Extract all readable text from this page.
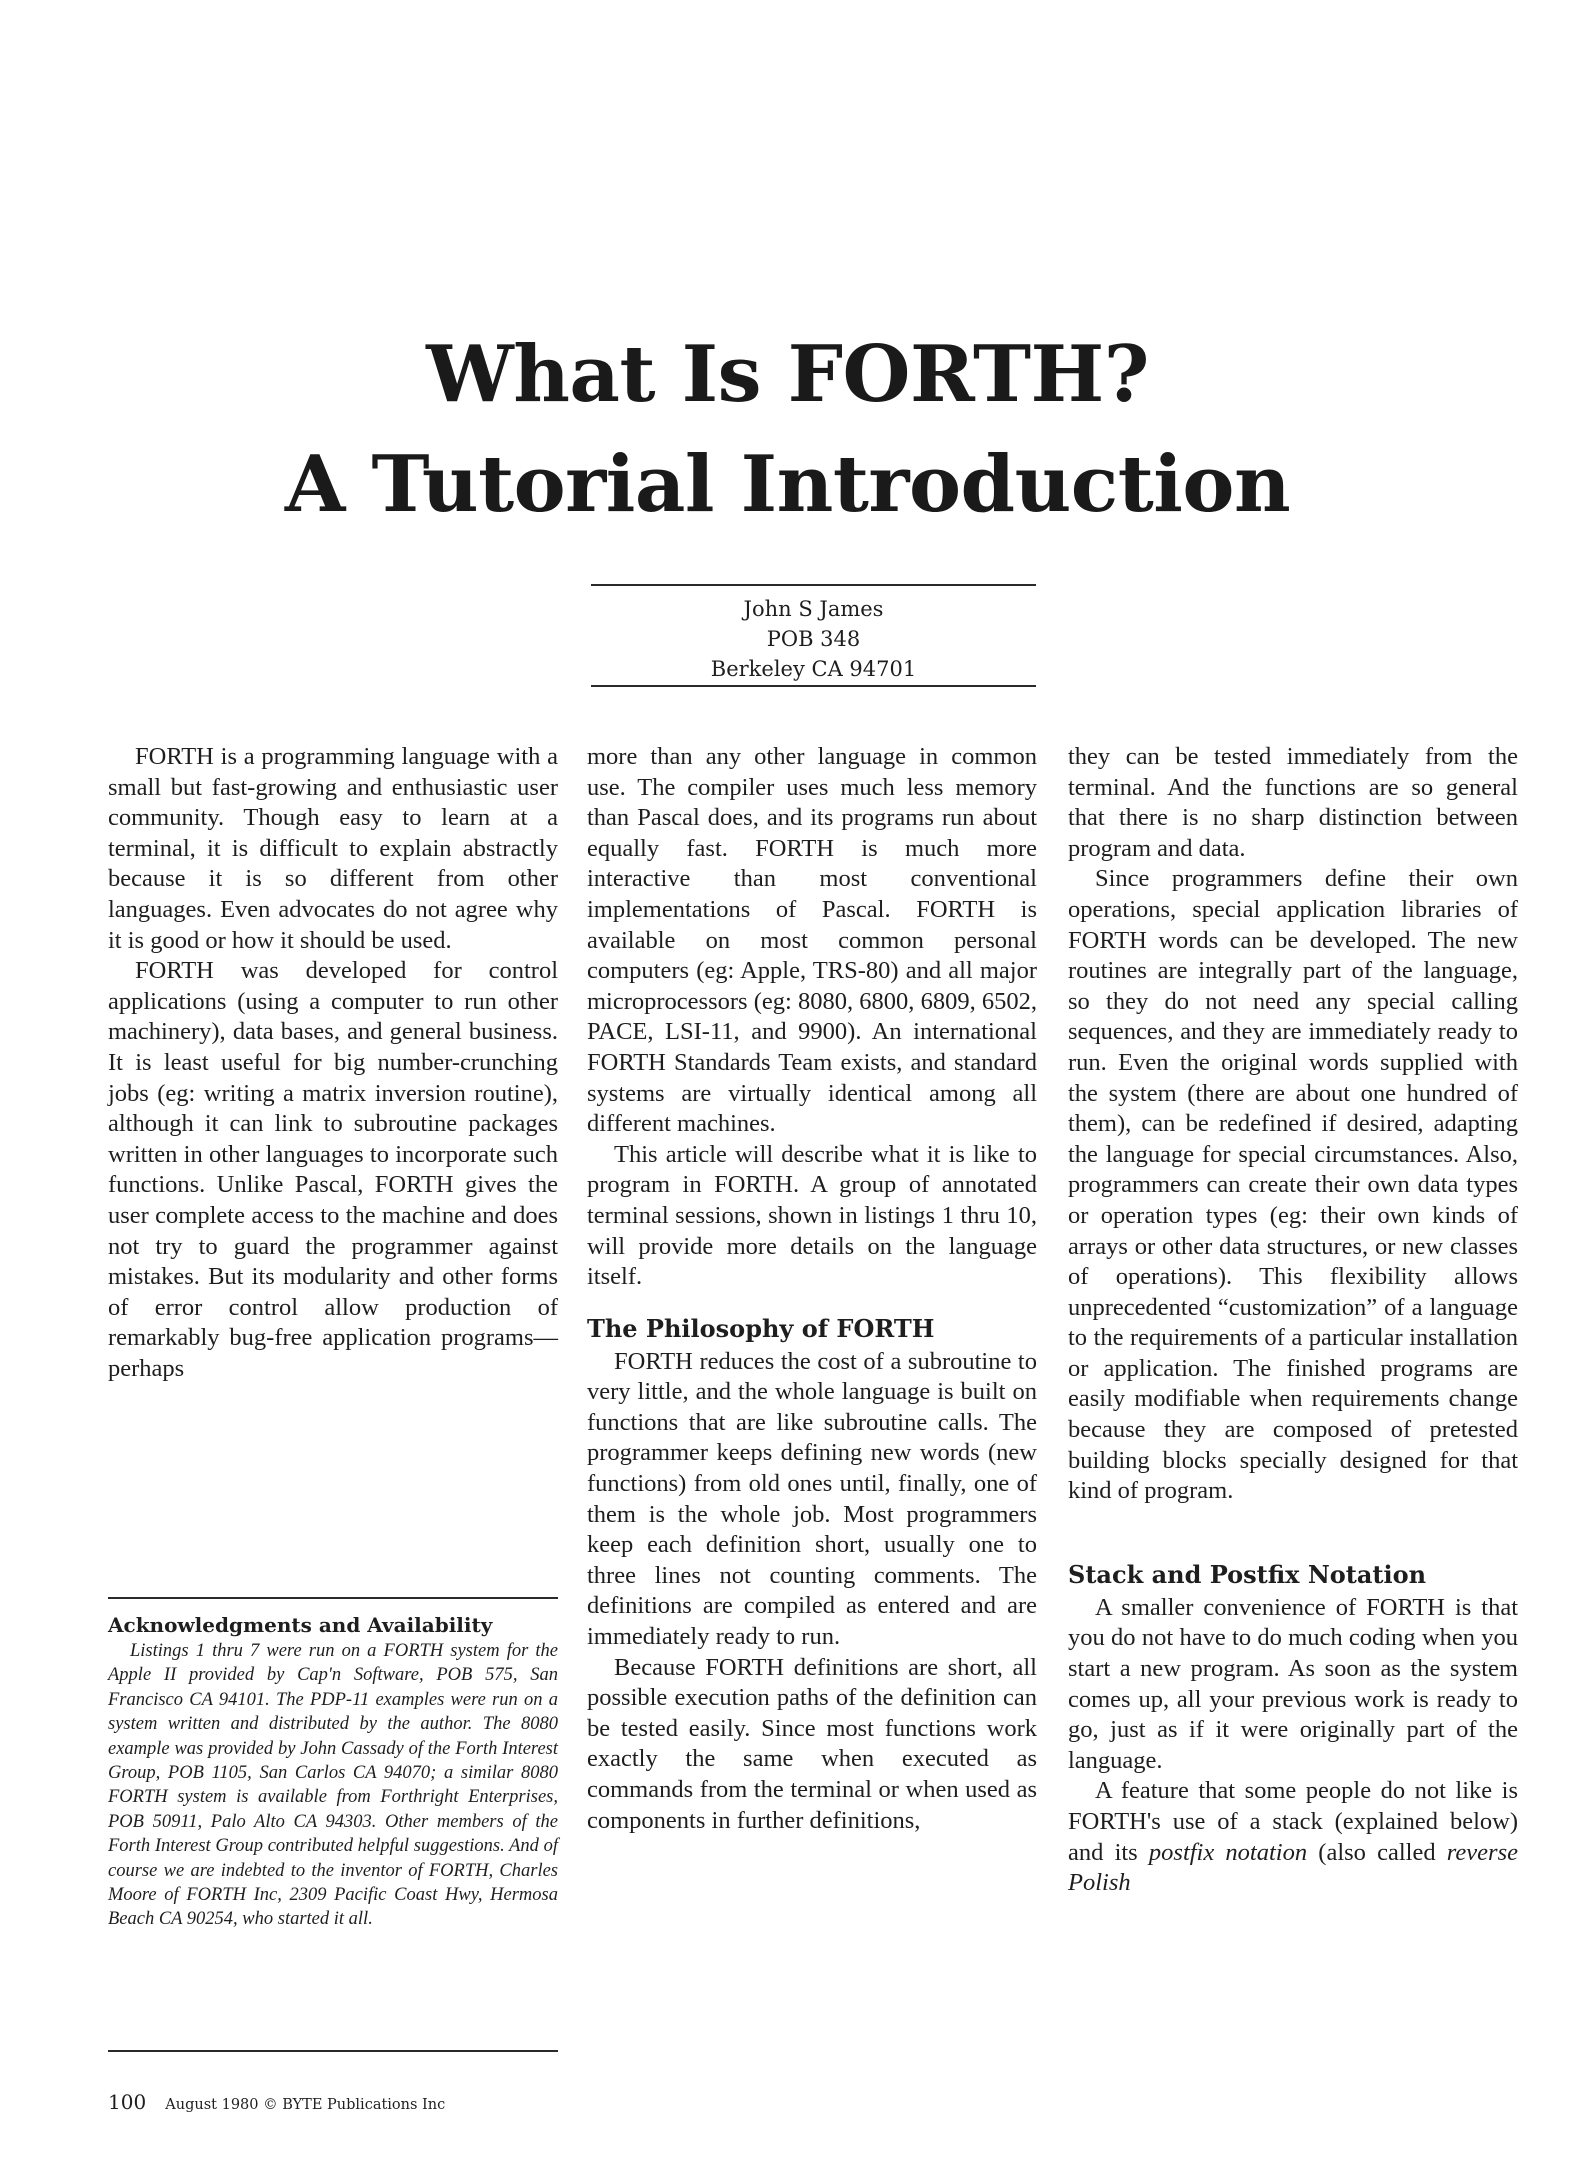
What Is FORTH?
A Tutorial Introduction
John S James
POB 348
Berkeley CA 94701

FORTH is a programming language with a small but fast-growing and enthusiastic user community. Though easy to learn at a terminal, it is difficult to explain abstractly because it is so different from other languages. Even advocates do not agree why it is good or how it should be used.

FORTH was developed for control applications (using a computer to run other machinery), data bases, and general business. It is least useful for big number-crunching jobs (eg: writing a matrix inversion routine), although it can link to subroutine packages written in other languages to incorporate such functions. Unlike Pascal, FORTH gives the user complete access to the machine and does not try to guard the programmer against mistakes. But its modularity and other forms of error control allow production of remarkably bug-free application programs—perhaps

Acknowledgments and Availability

Listings 1 thru 7 were run on a FORTH system for the Apple II provided by Cap'n Software, POB 575, San Francisco CA 94101. The PDP-11 examples were run on a system written and distributed by the author. The 8080 example was provided by John Cassady of the Forth Interest Group, POB 1105, San Carlos CA 94070; a similar 8080 FORTH system is available from Forthright Enterprises, POB 50911, Palo Alto CA 94303. Other members of the Forth Interest Group contributed helpful suggestions. And of course we are indebted to the inventor of FORTH, Charles Moore of FORTH Inc, 2309 Pacific Coast Hwy, Hermosa Beach CA 90254, who started it all.

more than any other language in common use. The compiler uses much less memory than Pascal does, and its programs run about equally fast. FORTH is much more interactive than most conventional implementations of Pascal. FORTH is available on most common personal computers (eg: Apple, TRS-80) and all major microprocessors (eg: 8080, 6800, 6809, 6502, PACE, LSI-11, and 9900). An international FORTH Standards Team exists, and standard systems are virtually identical among all different machines.

This article will describe what it is like to program in FORTH. A group of annotated terminal sessions, shown in listings 1 thru 10, will provide more details on the language itself.

The Philosophy of FORTH

FORTH reduces the cost of a subroutine to very little, and the whole language is built on functions that are like subroutine calls. The programmer keeps defining new words (new functions) from old ones until, finally, one of them is the whole job. Most programmers keep each definition short, usually one to three lines not counting comments. The definitions are compiled as entered and are immediately ready to run.

Because FORTH definitions are short, all possible execution paths of the definition can be tested easily. Since most functions work exactly the same when executed as commands from the terminal or when used as components in further definitions,

they can be tested immediately from the terminal. And the functions are so general that there is no sharp distinction between program and data.

Since programmers define their own operations, special application libraries of FORTH words can be developed. The new routines are integrally part of the language, so they do not need any special calling sequences, and they are immediately ready to run. Even the original words supplied with the system (there are about one hundred of them), can be redefined if desired, adapting the language for special circumstances. Also, programmers can create their own data types or operation types (eg: their own kinds of arrays or other data structures, or new classes of operations). This flexibility allows unprecedented “customization” of a language to the requirements of a particular installation or application. The finished programs are easily modifiable when requirements change because they are composed of pretested building blocks specially designed for that kind of program.

Stack and Postfix Notation

A smaller convenience of FORTH is that you do not have to do much coding when you start a new program. As soon as the system comes up, all your previous work is ready to go, just as if it were originally part of the language.

A feature that some people do not like is FORTH's use of a stack (explained below) and its postfix notation (also called reverse Polish

100 August 1980 © BYTE Publications Inc
